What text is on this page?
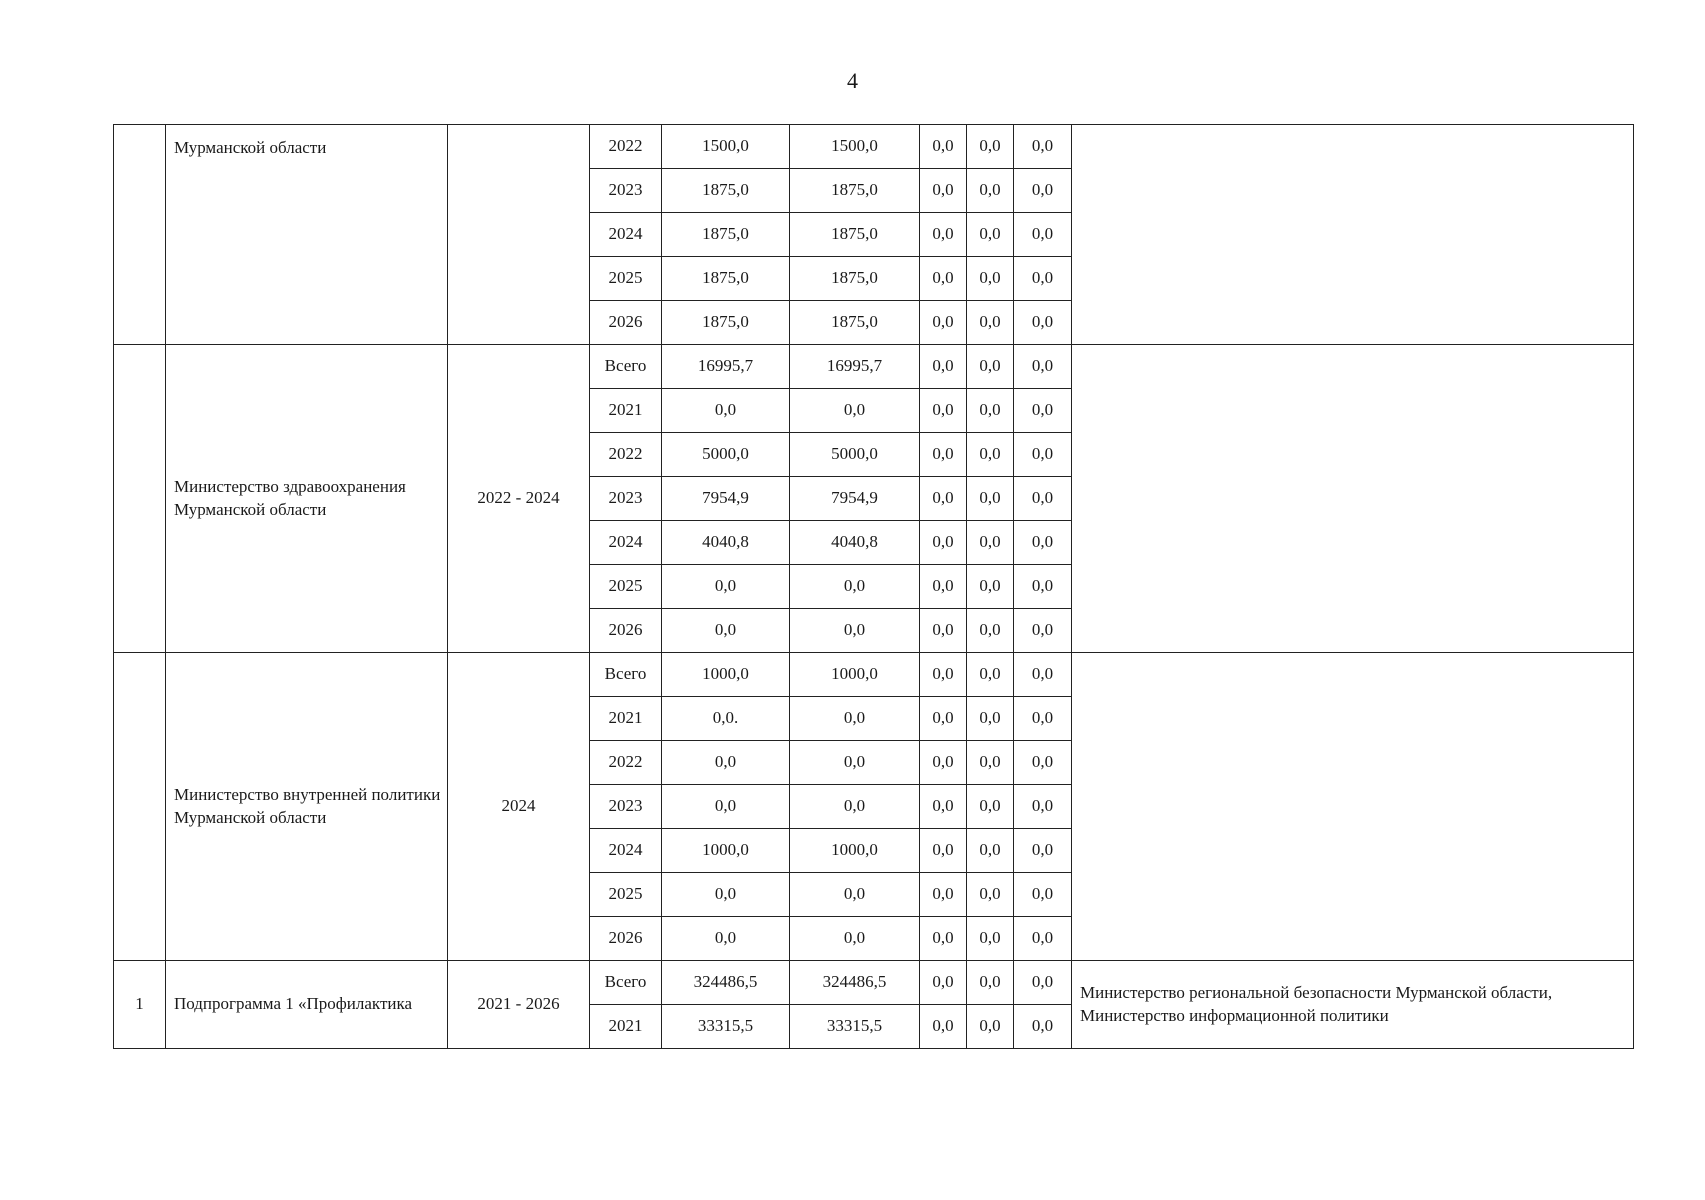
4
	Мурманской области		2022	1500,0	1500,0	0,0	0,0	0,0	
			2023	1875,0	1875,0	0,0	0,0	0,0	
			2024	1875,0	1875,0	0,0	0,0	0,0	
			2025	1875,0	1875,0	0,0	0,0	0,0	
			2026	1875,0	1875,0	0,0	0,0	0,0	
	Министерство здравоохранения Мурманской области	2022 - 2024	Всего	16995,7	16995,7	0,0	0,0	0,0	
			2021	0,0	0,0	0,0	0,0	0,0	
			2022	5000,0	5000,0	0,0	0,0	0,0	
			2023	7954,9	7954,9	0,0	0,0	0,0	
			2024	4040,8	4040,8	0,0	0,0	0,0	
			2025	0,0	0,0	0,0	0,0	0,0	
			2026	0,0	0,0	0,0	0,0	0,0	
	Министерство внутренней политики Мурманской области	2024	Всего	1000,0	1000,0	0,0	0,0	0,0	
			2021	0,0.	0,0	0,0	0,0	0,0	
			2022	0,0	0,0	0,0	0,0	0,0	
			2023	0,0	0,0	0,0	0,0	0,0	
			2024	1000,0	1000,0	0,0	0,0	0,0	
			2025	0,0	0,0	0,0	0,0	0,0	
			2026	0,0	0,0	0,0	0,0	0,0	
1	Подпрограмма 1 «Профилактика	2021 - 2026	Всего	324486,5	324486,5	0,0	0,0	0,0	Министерство региональной безопасности Мурманской области, Министерство информационной политики
			2021	33315,5	33315,5	0,0	0,0	0,0	
